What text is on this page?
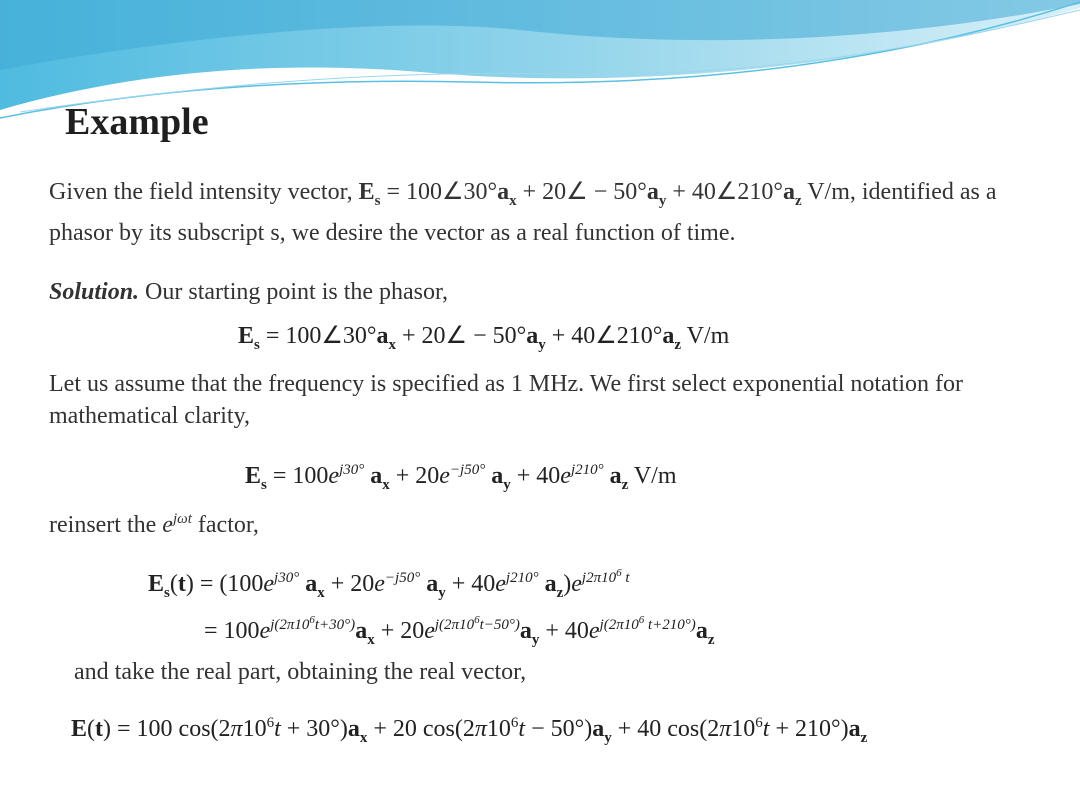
Example
Given the field intensity vector, $E_s$ = $100\angle 30^\circ a_x$ + 20∠ − $50^\circ a_y$ + $40\angle 210^\circ a_z$ V/m, identified as a phasor by its subscript s, we desire the vector as a real function of time.
Solution. Our starting point is the phasor,
$E_s$ = $100\angle 30^\circ a_x$ + 20∠ − $50^\circ a_y$ + $40\angle 210^\circ a_z$ V/m
Let us assume that the frequency is specified as 1 MHz. We first select exponential notation for mathematical clarity,
$E_s = 100e^{j30^\circ}$ $a_x + 20e^{-j50^\circ}$ $a_y + 40e^{j210^\circ}$ $a_z$ V/m
reinsert the $e^{j\omega t}$ factor,
$E_s(t) = (100e^{j30^\circ}$ $a_x + 20e^{-j50^\circ}$ $a_y + 40e^{j210^\circ}$ $a_z)e^{j2\pi 10^6 t}$
= $100e^{j(2\pi 10^6t+30^\circ)}a_x + 20e^{j(2\pi 10^6t-50^\circ)}a_y + 40e^{j(2\pi 10^6 t+210^\circ)}a_z$
and take the real part, obtaining the real vector,
E(t) = 100 $\cos(2\pi 10^6t + 30^\circ)a_x + 20$ $\cos(2\pi 10^6t - 50^\circ)a_y + 40$ $\cos(2\pi 10^6t + 210^\circ)a_z$
